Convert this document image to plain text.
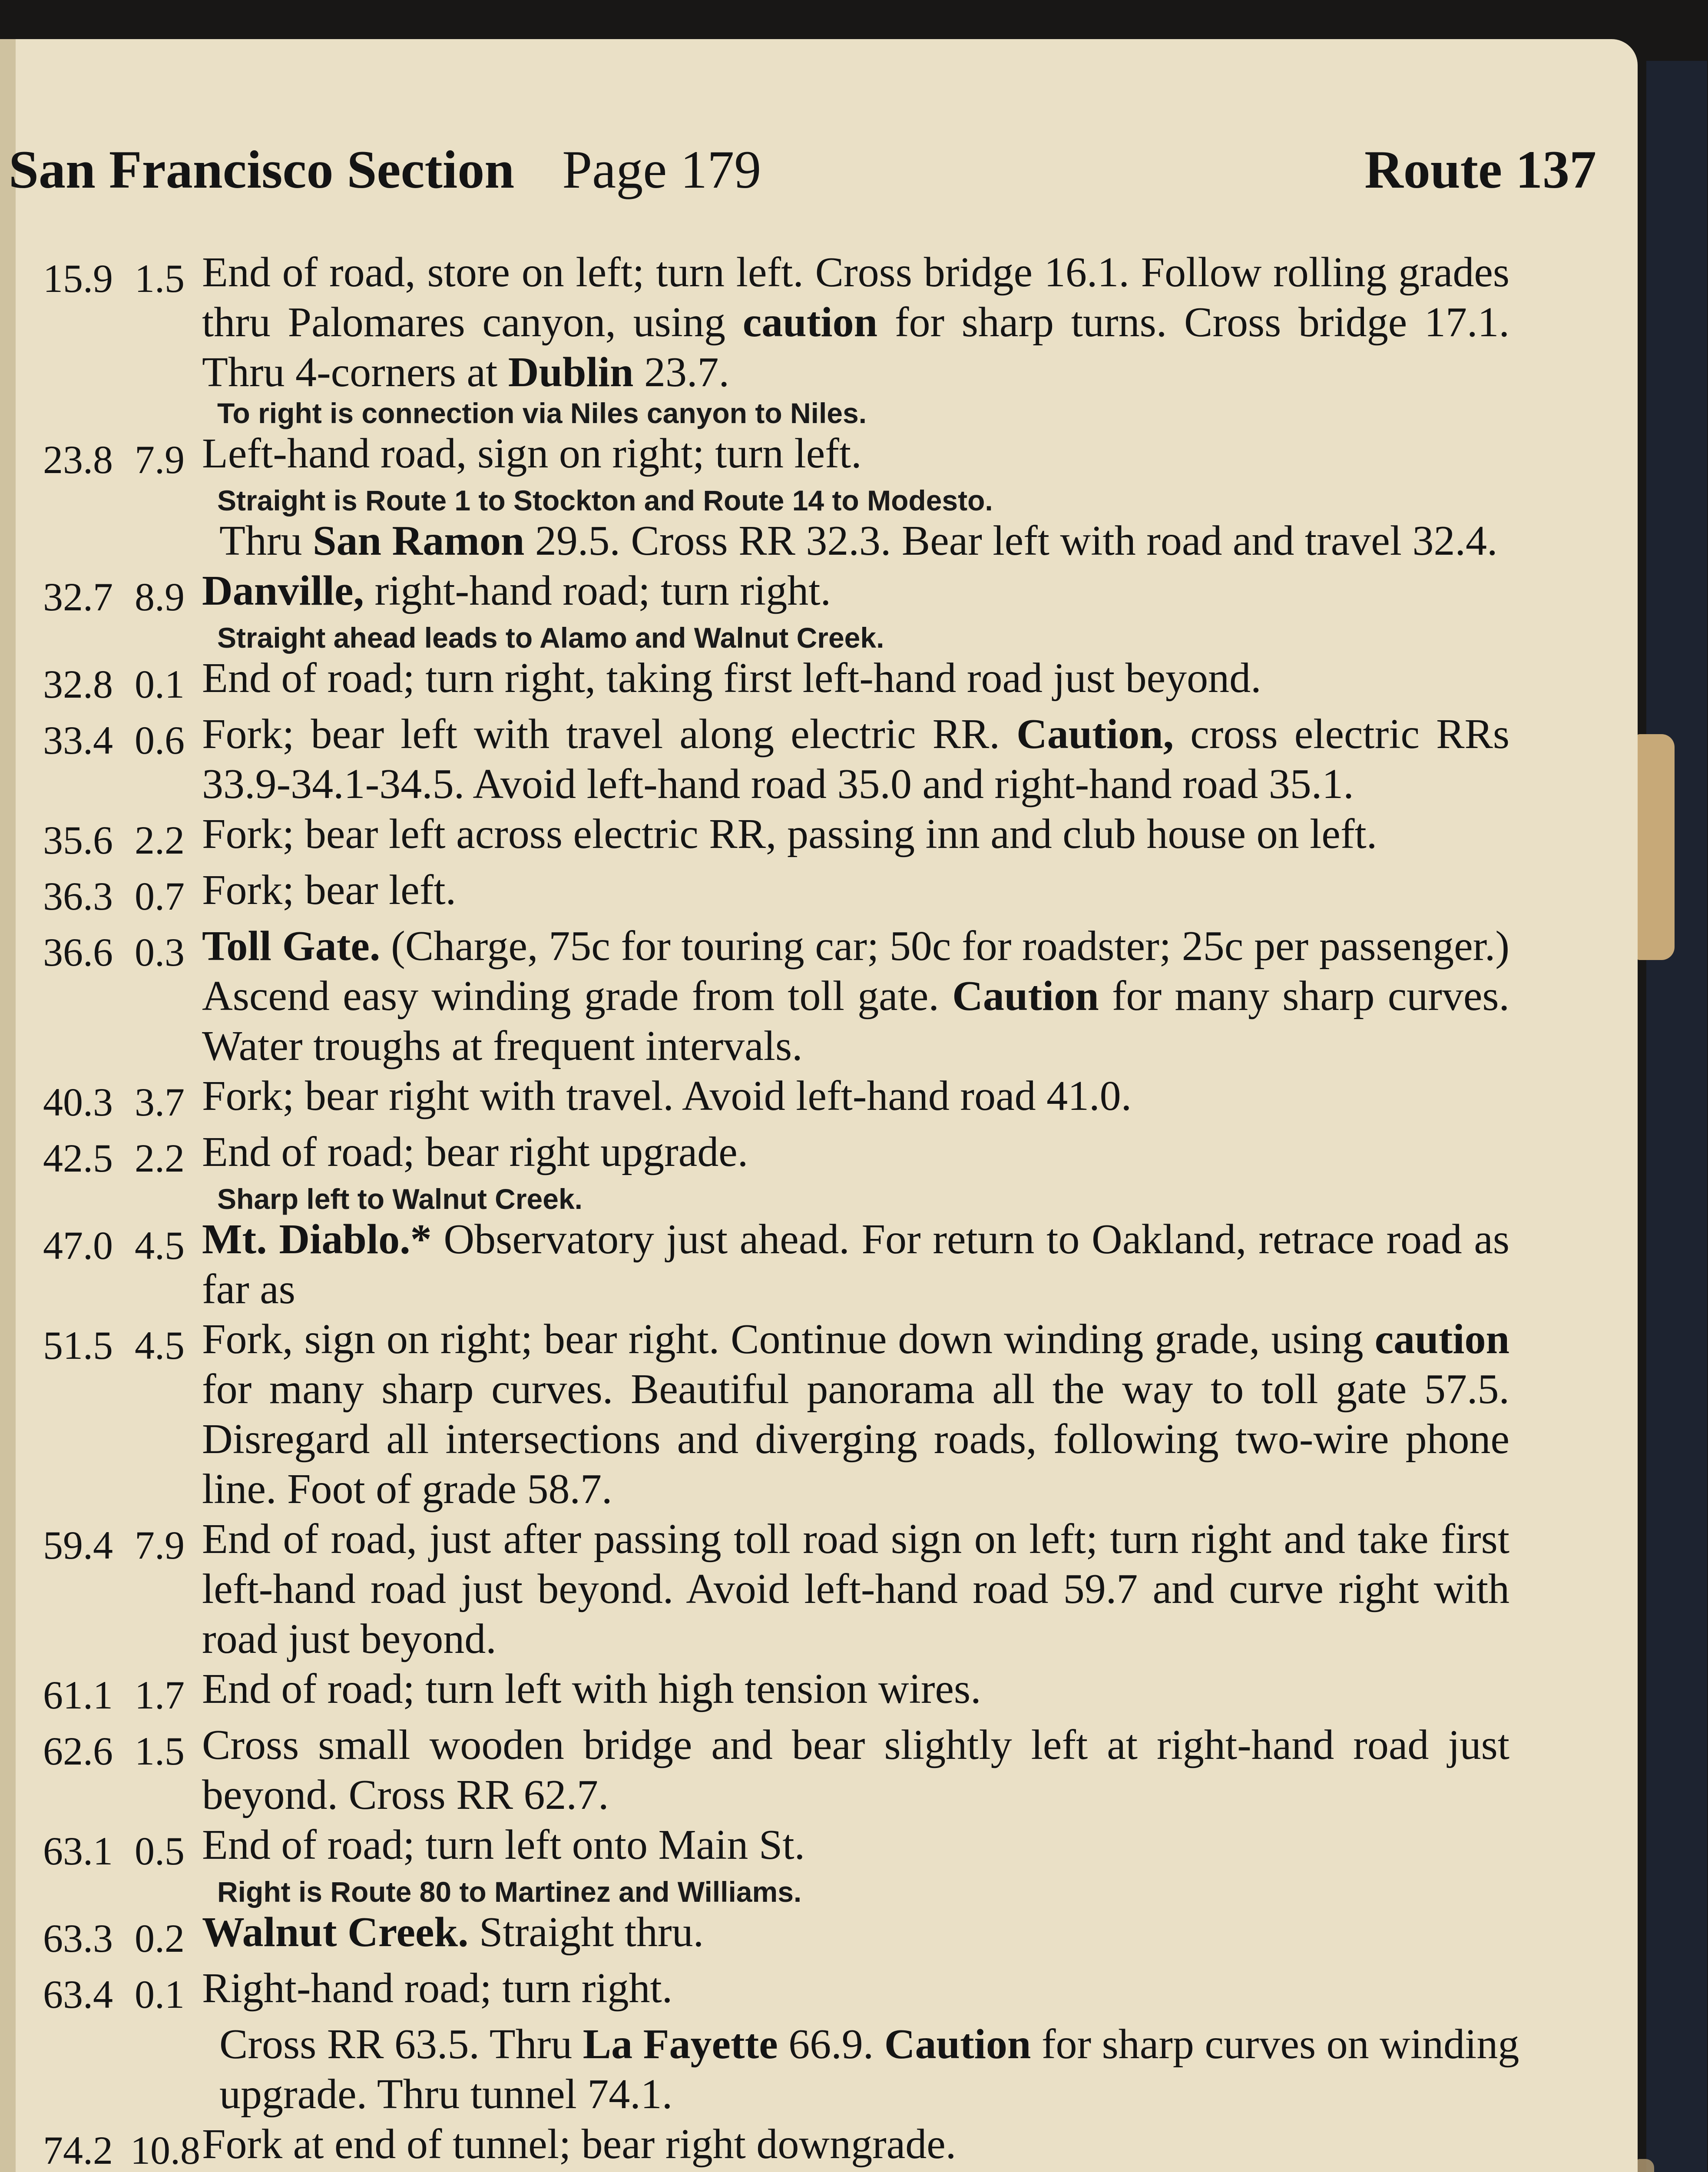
San Francisco Section Page 179	Route 137
15.9 1.5 End of road, store on left; turn left. Cross bridge 16.1. Follow rolling grades thru Palomares canyon, using caution for sharp turns. Cross bridge 17.1. Thru 4-corners at Dublin 23.7.
To right is connection via Niles canyon to Niles.
23.8 7.9 Left-hand road, sign on right; turn left.
Straight is Route 1 to Stockton and Route 14 to Modesto.
Thru San Ramon 29.5. Cross RR 32.3. Bear left with road and travel 32.4.
32.7 8.9 Danville, right-hand road; turn right.
Straight ahead leads to Alamo and Walnut Creek.
32.8 0.1 End of road; turn right, taking first left-hand road just beyond.
33.4 0.6 Fork; bear left with travel along electric RR. Caution, cross electric RRs 33.9-34.1-34.5. Avoid left-hand road 35.0 and right-hand road 35.1.
35.6 2.2 Fork; bear left across electric RR, passing inn and club house on left.
36.3 0.7 Fork; bear left.
36.6 0.3 Toll Gate. (Charge, 75c for touring car; 50c for roadster; 25c per passenger.) Ascend easy winding grade from toll gate. Caution for many sharp curves. Water troughs at frequent intervals.
40.3 3.7 Fork; bear right with travel. Avoid left-hand road 41.0.
42.5 2.2 End of road; bear right upgrade.
Sharp left to Walnut Creek.
47.0 4.5 Mt. Diablo.* Observatory just ahead. For return to Oakland, retrace road as far as
51.5 4.5 Fork, sign on right; bear right. Continue down winding grade, using caution for many sharp curves. Beautiful panorama all the way to toll gate 57.5. Disregard all intersections and diverging roads, following two-wire phone line. Foot of grade 58.7.
59.4 7.9 End of road, just after passing toll road sign on left; turn right and take first left-hand road just beyond. Avoid left-hand road 59.7 and curve right with road just beyond.
61.1 1.7 End of road; turn left with high tension wires.
62.6 1.5 Cross small wooden bridge and bear slightly left at right-hand road just beyond. Cross RR 62.7.
63.1 0.5 End of road; turn left onto Main St.
Right is Route 80 to Martinez and Williams.
63.3 0.2 Walnut Creek. Straight thru.
63.4 0.1 Right-hand road; turn right.
Cross RR 63.5. Thru La Fayette 66.9. Caution for sharp curves on winding upgrade. Thru tunnel 74.1.
74.2 10.8 Fork at end of tunnel; bear right downgrade.
